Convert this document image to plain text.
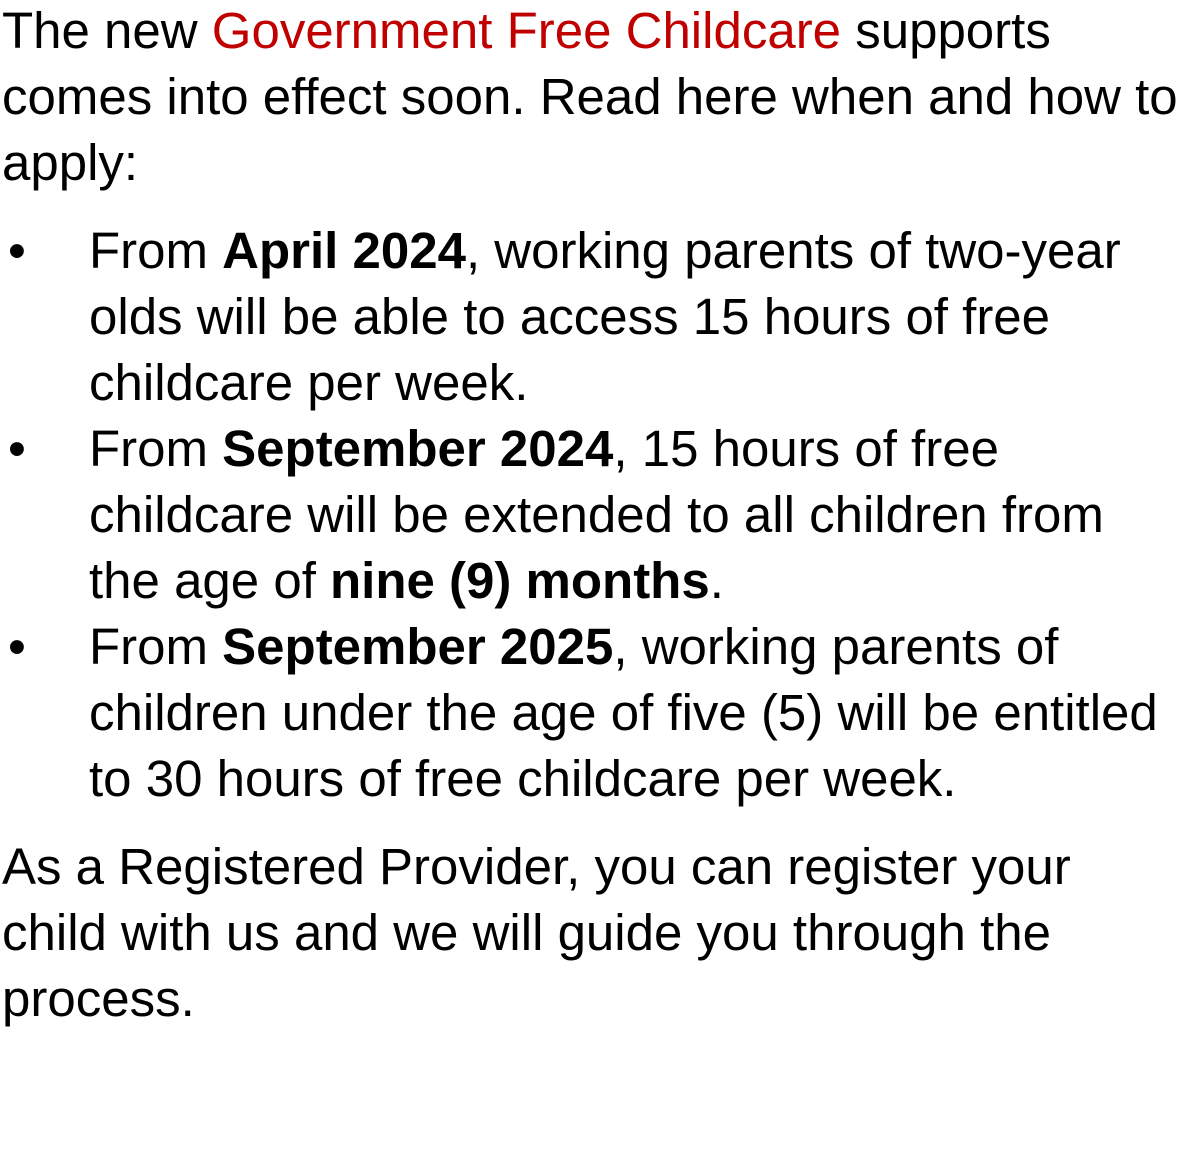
The new Government Free Childcare supports comes into effect soon. Read here when and how to apply:

• From April 2024, working parents of two-year olds will be able to access 15 hours of free childcare per week.
• From September 2024, 15 hours of free childcare will be extended to all children from the age of nine (9) months.
• From September 2025, working parents of children under the age of five (5) will be entitled to 30 hours of free childcare per week.

As a Registered Provider, you can register your child with us and we will guide you through the process.
